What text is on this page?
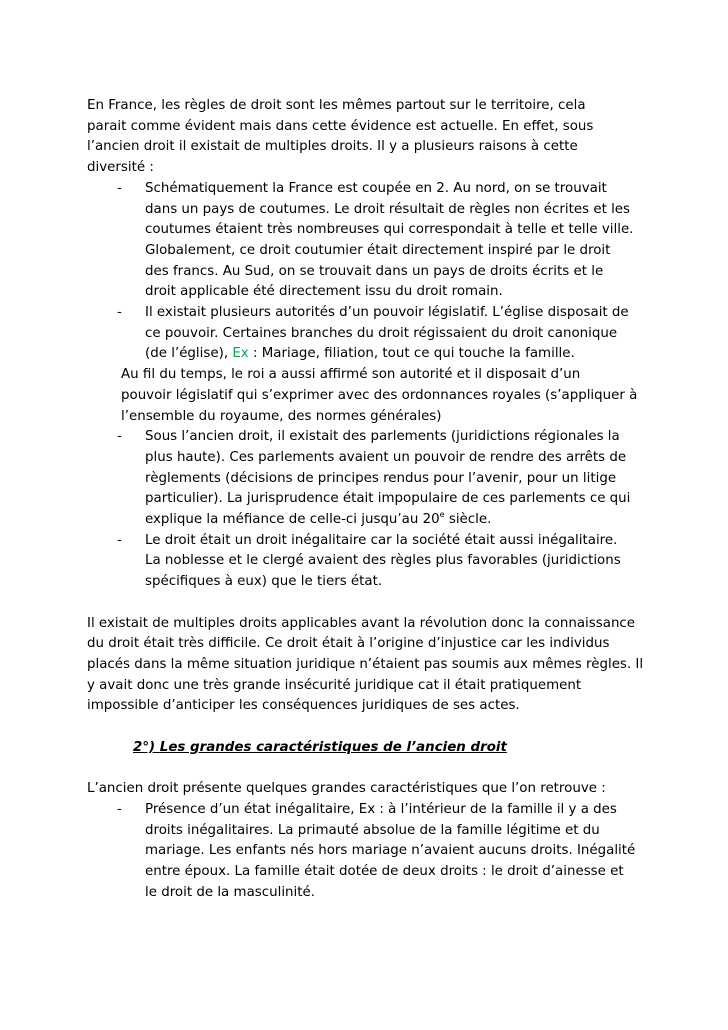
En France, les règles de droit sont les mêmes partout sur le territoire, cela
parait comme évident mais dans cette évidence est actuelle. En effet, sous
l’ancien droit il existait de multiples droits. Il y a plusieurs raisons à cette
diversité :

- Schématiquement la France est coupée en 2. Au nord, on se trouvait
dans un pays de coutumes. Le droit résultait de règles non écrites et les
coutumes étaient très nombreuses qui correspondait à telle et telle ville.
Globalement, ce droit coutumier était directement inspiré par le droit
des francs. Au Sud, on se trouvait dans un pays de droits écrits et le
droit applicable été directement issu du droit romain.
- Il existait plusieurs autorités d’un pouvoir législatif. L’église disposait de
ce pouvoir. Certaines branches du droit régissaient du droit canonique
(de l’église), Ex : Mariage, filiation, tout ce qui touche la famille.

Au fil du temps, le roi a aussi affirmé son autorité et il disposait d’un
pouvoir législatif qui s’exprimer avec des ordonnances royales (s’appliquer à
l’ensemble du royaume, des normes générales)

- Sous l’ancien droit, il existait des parlements (juridictions régionales la
plus haute). Ces parlements avaient un pouvoir de rendre des arrêts de
règlements (décisions de principes rendus pour l’avenir, pour un litige
particulier). La jurisprudence était impopulaire de ces parlements ce qui
explique la méfiance de celle-ci jusqu’au 20e siècle.
- Le droit était un droit inégalitaire car la société était aussi inégalitaire.
La noblesse et le clergé avaient des règles plus favorables (juridictions
spécifiques à eux) que le tiers état.

Il existait de multiples droits applicables avant la révolution donc la connaissance
du droit était très difficile. Ce droit était à l’origine d’injustice car les individus
placés dans la même situation juridique n’étaient pas soumis aux mêmes règles. Il
y avait donc une très grande insécurité juridique cat il était pratiquement
impossible d’anticiper les conséquences juridiques de ses actes.

2°) Les grandes caractéristiques de l’ancien droit

L’ancien droit présente quelques grandes caractéristiques que l’on retrouve :

- Présence d’un état inégalitaire, Ex : à l’intérieur de la famille il y a des
droits inégalitaires. La primauté absolue de la famille légitime et du
mariage. Les enfants nés hors mariage n’avaient aucuns droits. Inégalité
entre époux. La famille était dotée de deux droits : le droit d’ainesse et
le droit de la masculinité.
